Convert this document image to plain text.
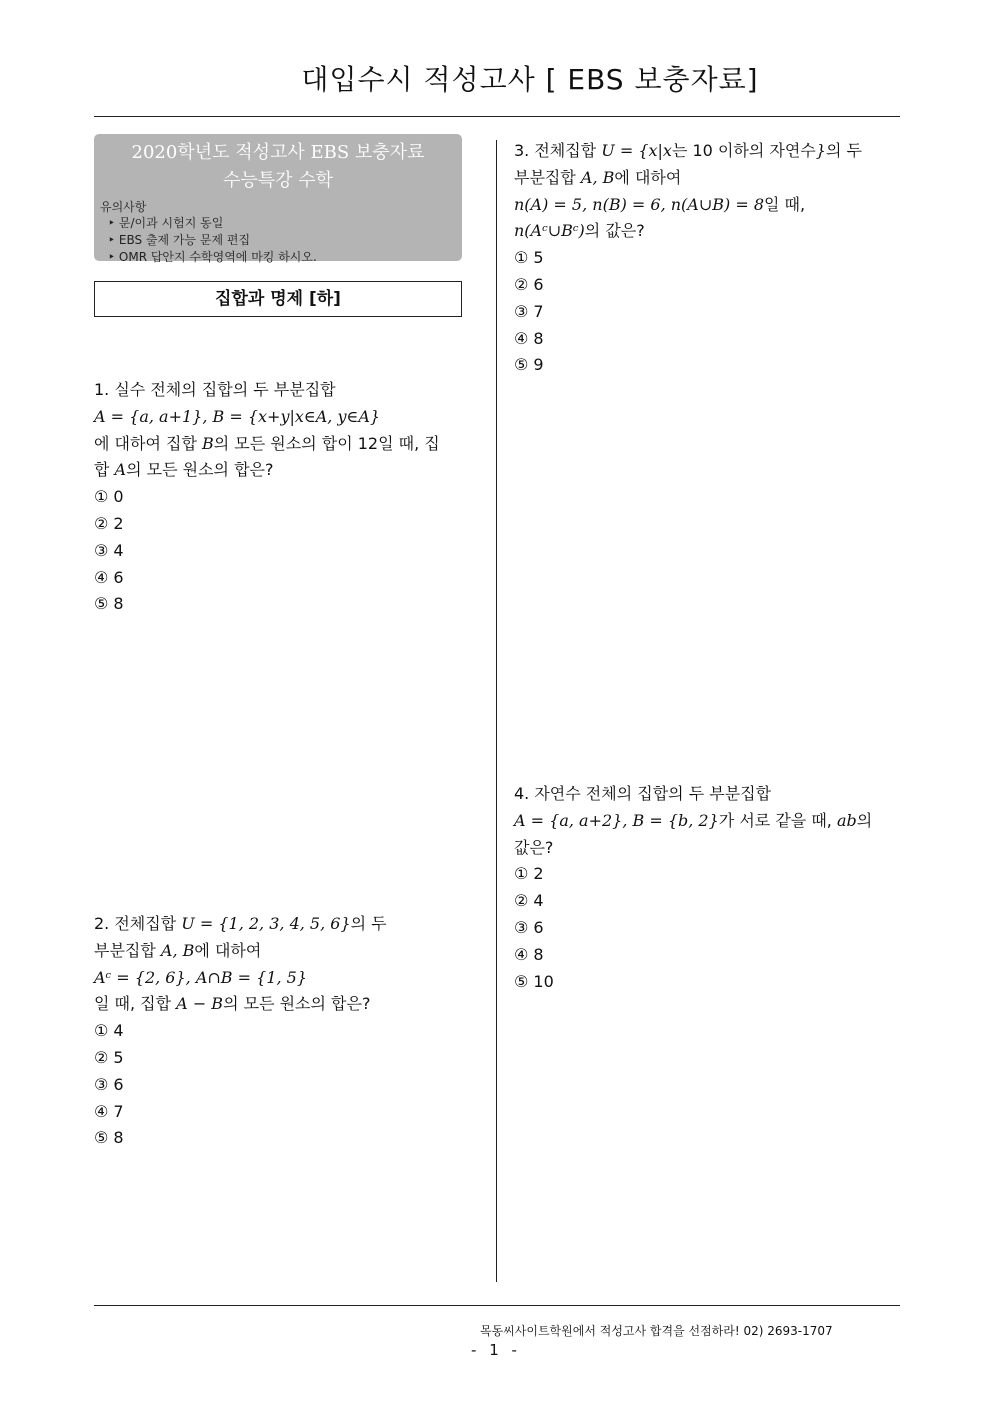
대입수시 적성고사 [ EBS 보충자료]
2020학년도 적성고사 EBS 보충자료
수능특강 수학
유의사항
‣ 문/이과 시험지 동일
‣ EBS 출제 가능 문제 편집
‣ OMR 답안지 수학영역에 마킹 하시오.
집합과 명제 [하]
1. 실수 전체의 집합의 두 부분집합
A = {a, a+1}, B = {x+y|x∈A, y∈A}
에 대하여 집합 B의 모든 원소의 합이 12일 때, 집
합 A의 모든 원소의 합은?
① 0
② 2
③ 4
④ 6
⑤ 8
2. 전체집합 U = {1, 2, 3, 4, 5, 6}의 두
부분집합 A, B에 대하여
Aᶜ = {2, 6}, A∩B = {1, 5}
일 때, 집합 A − B의 모든 원소의 합은?
① 4
② 5
③ 6
④ 7
⑤ 8
3. 전체집합 U = {x|x는 10 이하의 자연수}의 두
부분집합 A, B에 대하여
n(A) = 5, n(B) = 6, n(A∪B) = 8일 때,
n(Aᶜ∪Bᶜ)의 값은?
① 5
② 6
③ 7
④ 8
⑤ 9
4. 자연수 전체의 집합의 두 부분집합
A = {a, a+2}, B = {b, 2}가 서로 같을 때, ab의
값은?
① 2
② 4
③ 6
④ 8
⑤ 10
목동씨사이트학원에서 적성고사 합격을 선점하라! 02) 2693-1707
- 1 -
